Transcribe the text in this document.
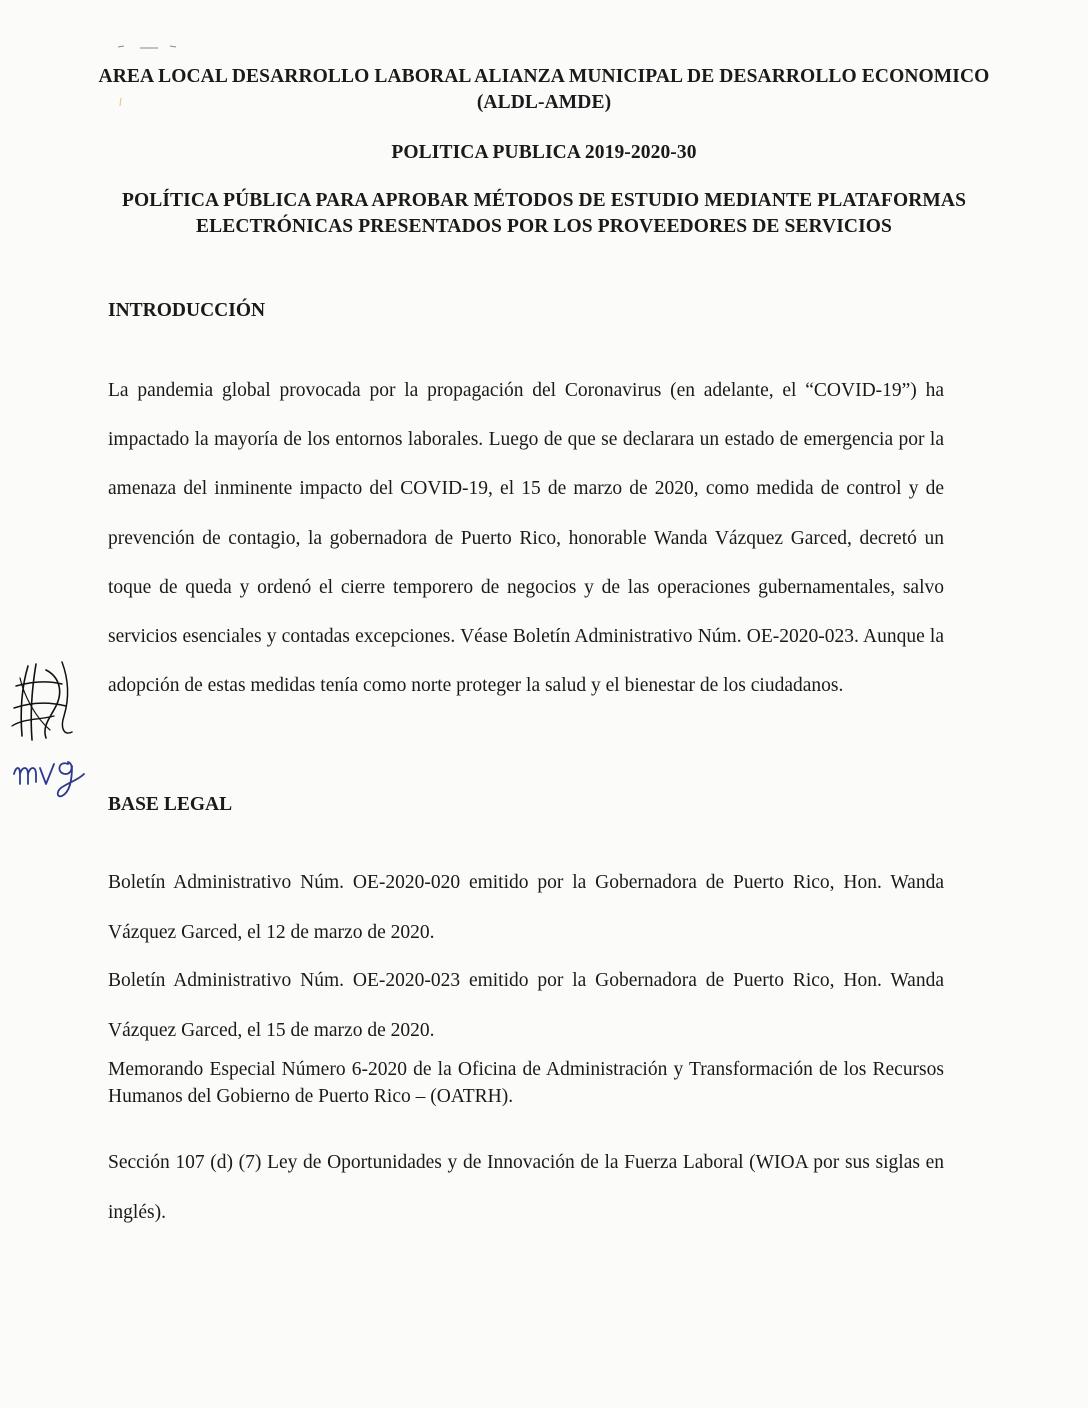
AREA LOCAL DESARROLLO LABORAL ALIANZA MUNICIPAL DE DESARROLLO ECONOMICO (ALDL-AMDE)
POLITICA PUBLICA 2019-2020-30
POLÍTICA PÚBLICA PARA APROBAR MÉTODOS DE ESTUDIO MEDIANTE PLATAFORMAS ELECTRÓNICAS PRESENTADOS POR LOS PROVEEDORES DE SERVICIOS
INTRODUCCIÓN
La pandemia global provocada por la propagación del Coronavirus (en adelante, el “COVID-19”) ha impactado la mayoría de los entornos laborales. Luego de que se declarara un estado de emergencia por la amenaza del inminente impacto del COVID-19, el 15 de marzo de 2020, como medida de control y de prevención de contagio, la gobernadora de Puerto Rico, honorable Wanda Vázquez Garced, decretó un toque de queda y ordenó el cierre temporero de negocios y de las operaciones gubernamentales, salvo servicios esenciales y contadas excepciones. Véase Boletín Administrativo Núm. OE-2020-023. Aunque la adopción de estas medidas tenía como norte proteger la salud y el bienestar de los ciudadanos.
BASE LEGAL
Boletín Administrativo Núm. OE-2020-020 emitido por la Gobernadora de Puerto Rico, Hon. Wanda Vázquez Garced, el 12 de marzo de 2020.
Boletín Administrativo Núm. OE-2020-023 emitido por la Gobernadora de Puerto Rico, Hon. Wanda Vázquez Garced, el 15 de marzo de 2020.
Memorando Especial Número 6-2020 de la Oficina de Administración y Transformación de los Recursos Humanos del Gobierno de Puerto Rico – (OATRH).
Sección 107 (d) (7) Ley de Oportunidades y de Innovación de la Fuerza Laboral (WIOA por sus siglas en inglés).
